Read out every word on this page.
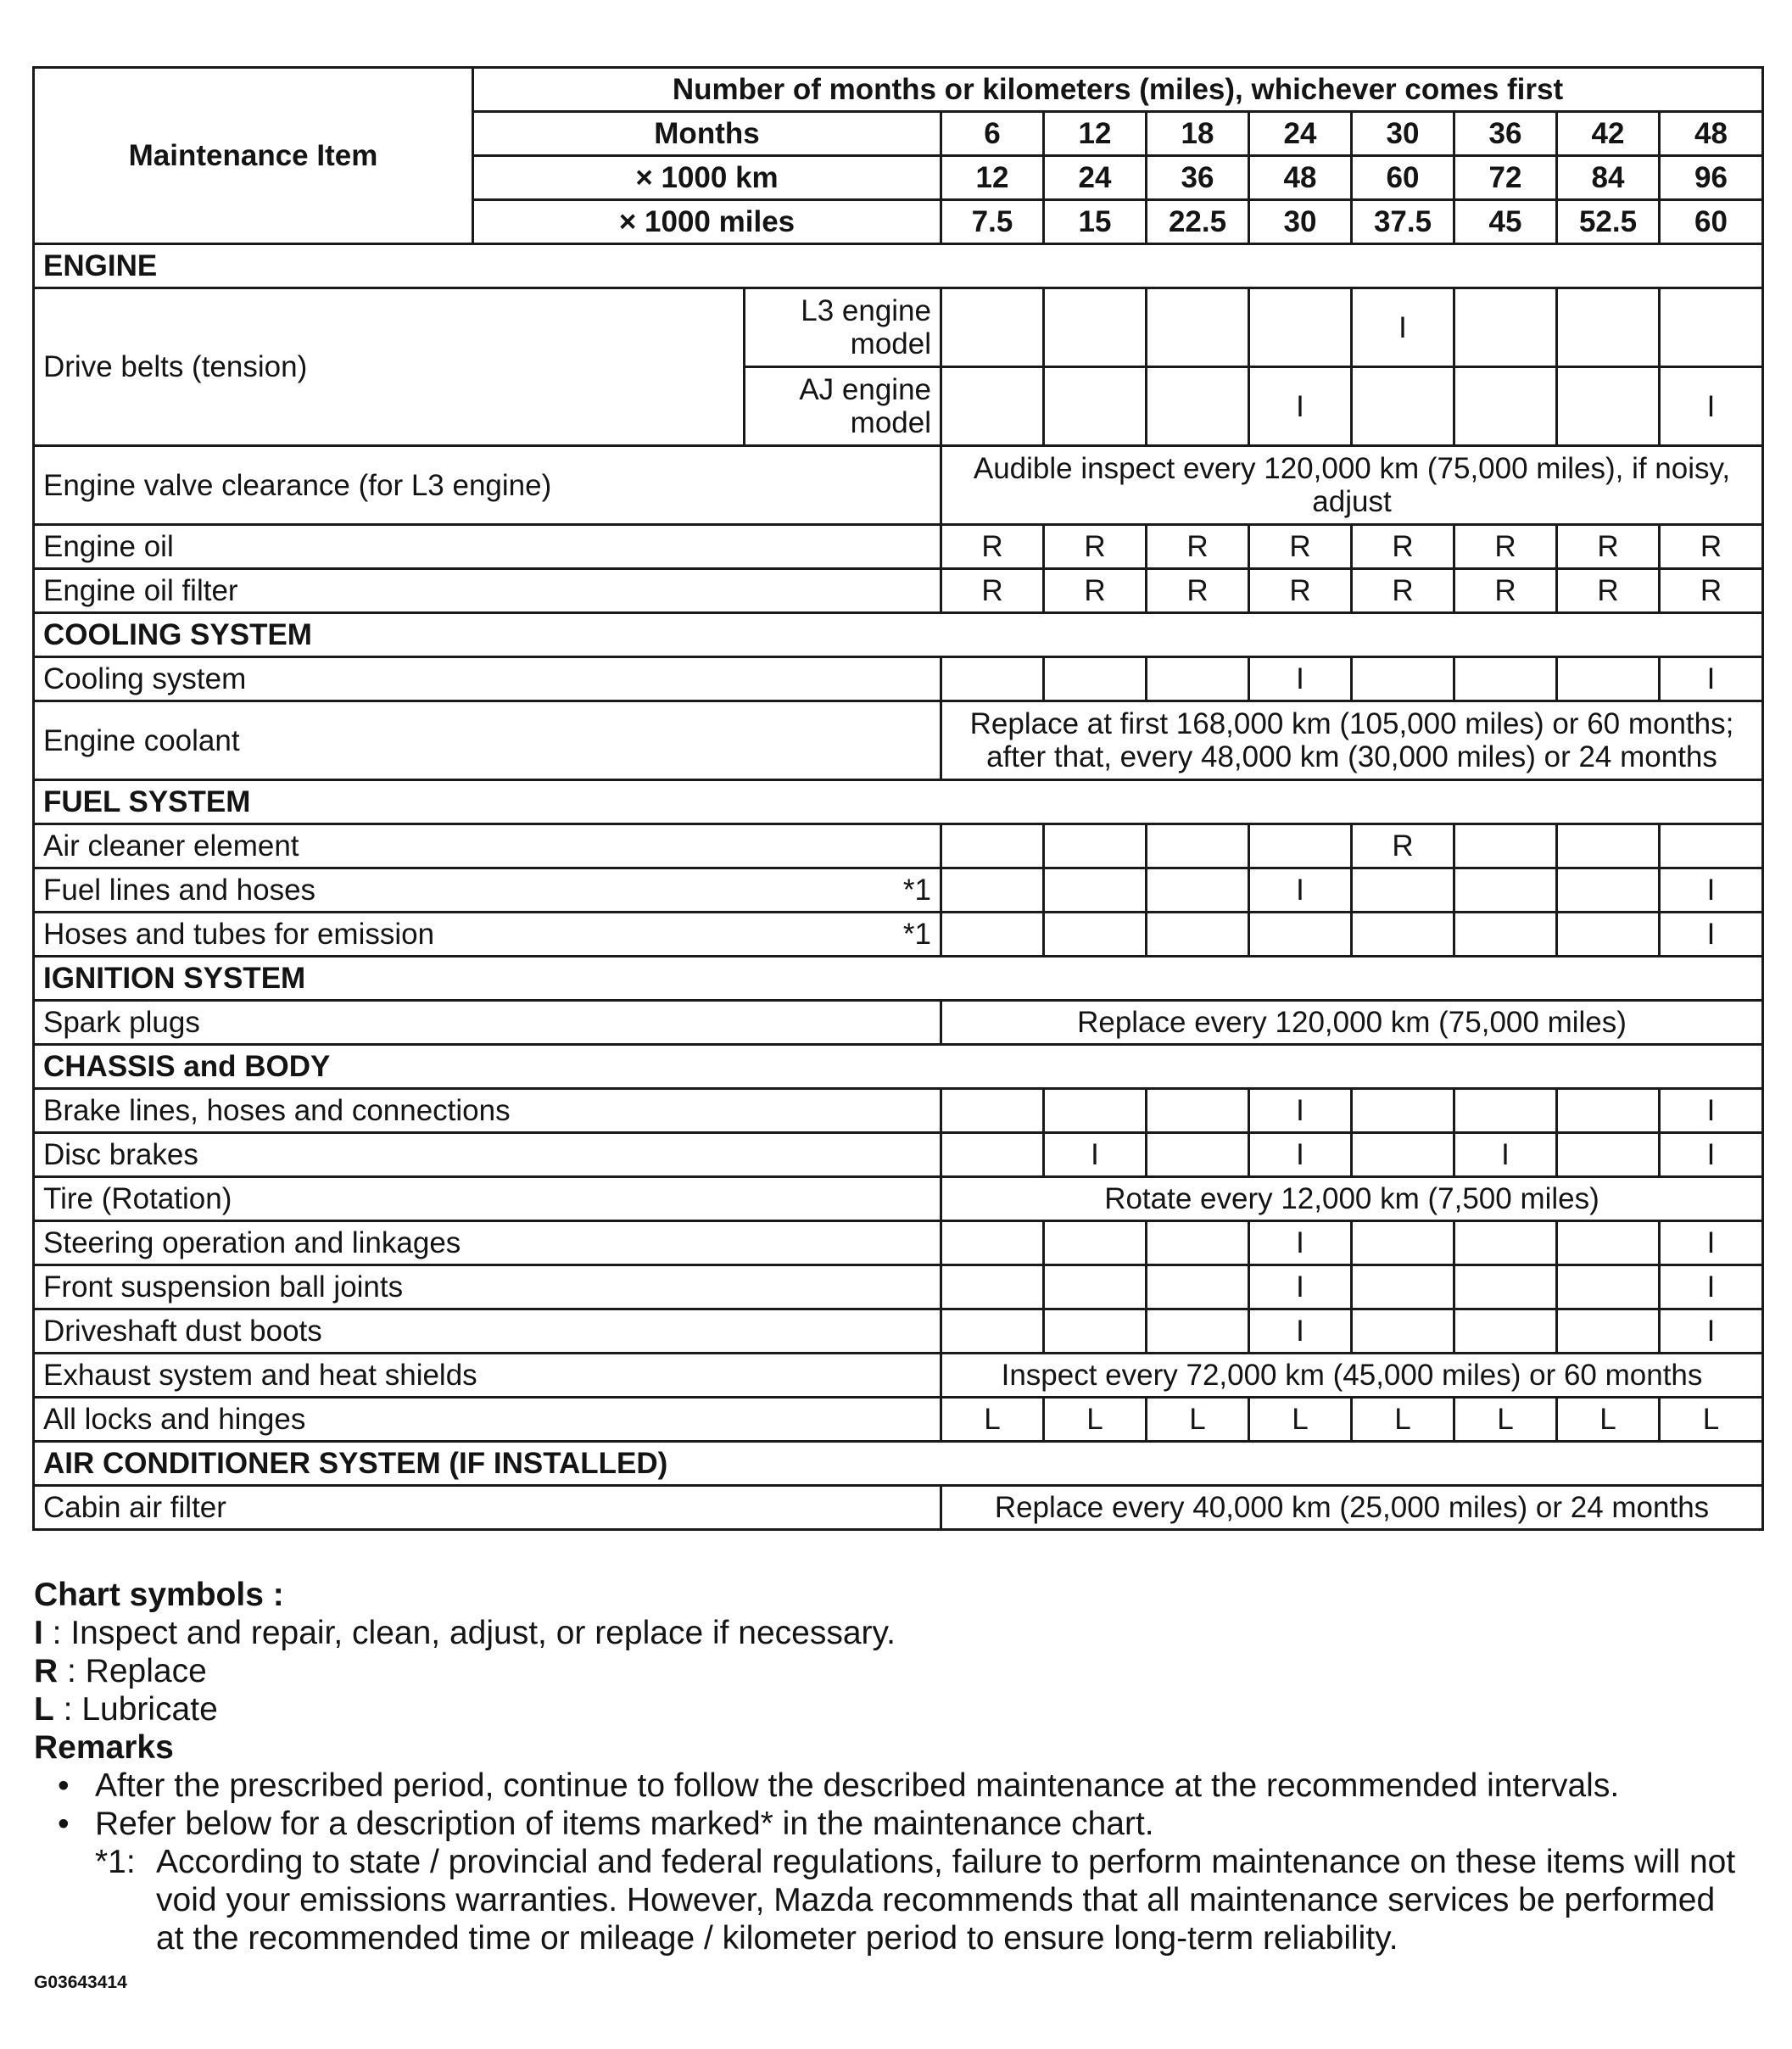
Maintenance Item	Number of months or kilometers (miles), whichever comes first									
	Months		6	12	18	24	30	36	42	48
	× 1000 km		12	24	36	48	60	72	84	96
	× 1000 miles		7.5	15	22.5	30	37.5	45	52.5	60
ENGINE										
Drive belts (tension)		L3 engine model					I			
		AJ engine model				I				I
Engine valve clearance (for L3 engine)			Audible inspect every 120,000 km (75,000 miles), if noisy, adjust							
Engine oil			R	R	R	R	R	R	R	R
Engine oil filter			R	R	R	R	R	R	R	R
COOLING SYSTEM										
Cooling system						I				I
Engine coolant			Replace at first 168,000 km (105,000 miles) or 60 months;
after that, every 48,000 km (30,000 miles) or 24 months							

FUEL SYSTEM										
Air cleaner element							R			
Fuel lines and hoses *1						I				I
Hoses and tubes for emission *1										I
IGNITION SYSTEM										
Spark plugs			Replace every 120,000 km (75,000 miles)							
CHASSIS and BODY										
Brake lines, hoses and connections						I				I
Disc brakes				I		I		I		I
Tire (Rotation)			Rotate every 12,000 km (7,500 miles)							
Steering operation and linkages						I				I
Front suspension ball joints						I				I
Driveshaft dust boots						I				I
Exhaust system and heat shields			Inspect every 72,000 km (45,000 miles) or 60 months							
All locks and hinges			L	L	L	L	L	L	L	L
AIR CONDITIONER SYSTEM (IF INSTALLED)										
Cabin air filter			Replace every 40,000 km (25,000 miles) or 24 months							
Chart symbols :
I : Inspect and repair, clean, adjust, or replace if necessary.
R : Replace
L : Lubricate
Remarks
• After the prescribed period, continue to follow the described maintenance at the recommended intervals.
• Refer below for a description of items marked* in the maintenance chart.
*1: According to state / provincial and federal regulations, failure to perform maintenance on these items will not
void your emissions warranties. However, Mazda recommends that all maintenance services be performed
at the recommended time or mileage / kilometer period to ensure long-term reliability.
G03643414
